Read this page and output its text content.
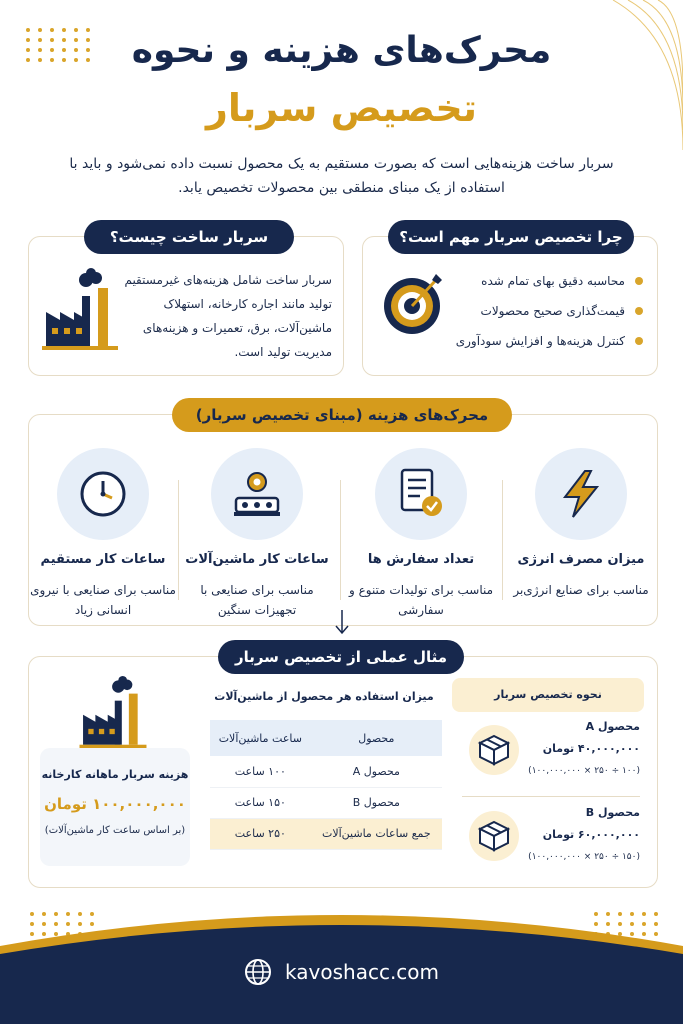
محرک‌های هزینه و نحوه
تخصیص سربار
سربار ساخت هزینه‌هایی است که بصورت مستقیم به یک محصول نسبت داده نمی‌شود و باید با استفاده از یک مبنای منطقی بین محصولات تخصیص یابد.
چرا تخصیص سربار مهم است؟
محاسبه دقیق بهای تمام شده
قیمت‌گذاری صحیح محصولات
کنترل هزینه‌ها و افزایش سودآوری
سربار ساخت چیست؟
سربار ساخت شامل هزینه‌های غیرمستقیم تولید مانند اجاره کارخانه، استهلاک ماشین‌آلات، برق، تعمیرات و هزینه‌های مدیریت تولید است.
محرک‌های هزینه (مبنای تخصیص سربار)
میزان مصرف انرژی
مناسب برای صنایع انرژی‌بر
تعداد سفارش ها
مناسب برای تولیدات متنوع و سفارشی
ساعات کار ماشین‌آلات
مناسب برای صنایعی با تجهیزات سنگین
ساعات کار مستقیم
مناسب برای صنایعی با نیروی انسانی زیاد
مثال عملی از تخصیص سربار
هزینه سربار ماهانه کارخانه
۱۰۰,۰۰۰,۰۰۰ تومان
(بر اساس ساعت کار ماشین‌آلات)
میزان استفاده هر محصول از ماشین‌آلات
محصول	ساعت ماشین‌آلات
محصول A	۱۰۰ ساعت
محصول B	۱۵۰ ساعت
جمع ساعات ماشین‌آلات	۲۵۰ ساعت
نحوه تخصیص سربار
محصول A
۴۰,۰۰۰,۰۰۰ تومان
(۱۰۰ ÷ ۲۵۰ × ۱۰۰,۰۰۰,۰۰۰)
محصول B
۶۰,۰۰۰,۰۰۰ تومان
(۱۵۰ ÷ ۲۵۰ × ۱۰۰,۰۰۰,۰۰۰)
kavoshacc.com
